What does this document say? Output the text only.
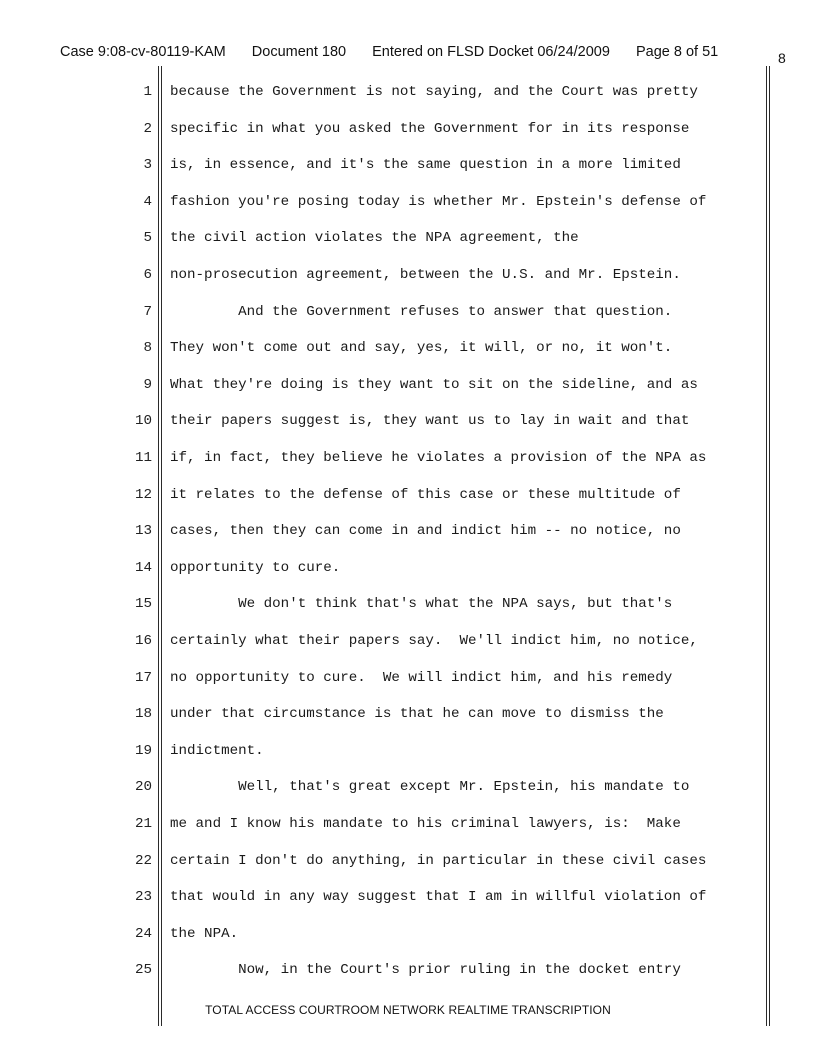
Case 9:08-cv-80119-KAM Document 180 Entered on FLSD Docket 06/24/2009 Page 8 of 51	8
1 because the Government is not saying, and the Court was pretty
2 specific in what you asked the Government for in its response
3 is, in essence, and it's the same question in a more limited
4 fashion you're posing today is whether Mr. Epstein's defense of
5 the civil action violates the NPA agreement, the
6 non-prosecution agreement, between the U.S. and Mr. Epstein.
7 And the Government refuses to answer that question.
8 They won't come out and say, yes, it will, or no, it won't.
9 What they're doing is they want to sit on the sideline, and as
10 their papers suggest is, they want us to lay in wait and that
11 if, in fact, they believe he violates a provision of the NPA as
12 it relates to the defense of this case or these multitude of
13 cases, then they can come in and indict him -- no notice, no
14 opportunity to cure.
15 We don't think that's what the NPA says, but that's
16 certainly what their papers say.  We'll indict him, no notice,
17 no opportunity to cure.  We will indict him, and his remedy
18 under that circumstance is that he can move to dismiss the
19 indictment.
20 Well, that's great except Mr. Epstein, his mandate to
21 me and I know his mandate to his criminal lawyers, is:  Make
22 certain I don't do anything, in particular in these civil cases
23 that would in any way suggest that I am in willful violation of
24 the NPA.
25 Now, in the Court's prior ruling in the docket entry
TOTAL ACCESS COURTROOM NETWORK REALTIME TRANSCRIPTION
